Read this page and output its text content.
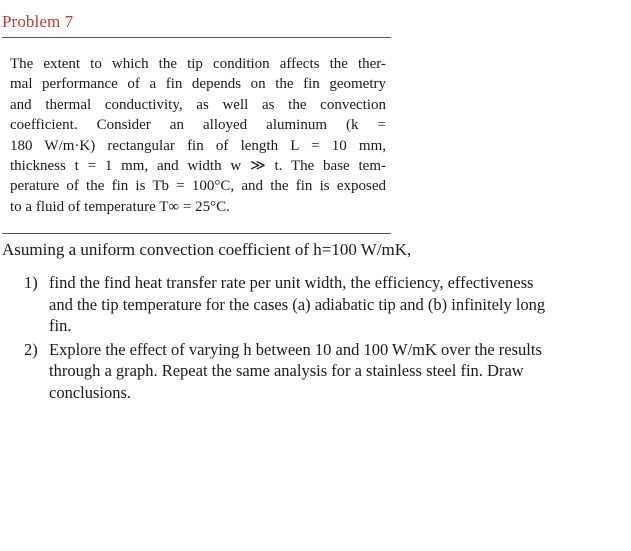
Problem 7
The extent to which the tip condition affects the ther-
mal performance of a fin depends on the fin geometry
and thermal conductivity, as well as the convection
coefficient. Consider an alloyed aluminum (k =
180 W/m·K) rectangular fin of length L = 10 mm,
thickness t = 1 mm, and width w ≫ t. The base tem-
perature of the fin is Tb = 100°C, and the fin is exposed
to a fluid of temperature T∞ = 25°C.
Asuming a uniform convection coefficient of h=100 W/mK,
1) find the find heat transfer rate per unit width, the efficiency, effectiveness
and the tip temperature for the cases (a) adiabatic tip and (b) infinitely long
fin.
2) Explore the effect of varying h between 10 and 100 W/mK over the results
through a graph. Repeat the same analysis for a stainless steel fin. Draw
conclusions.
